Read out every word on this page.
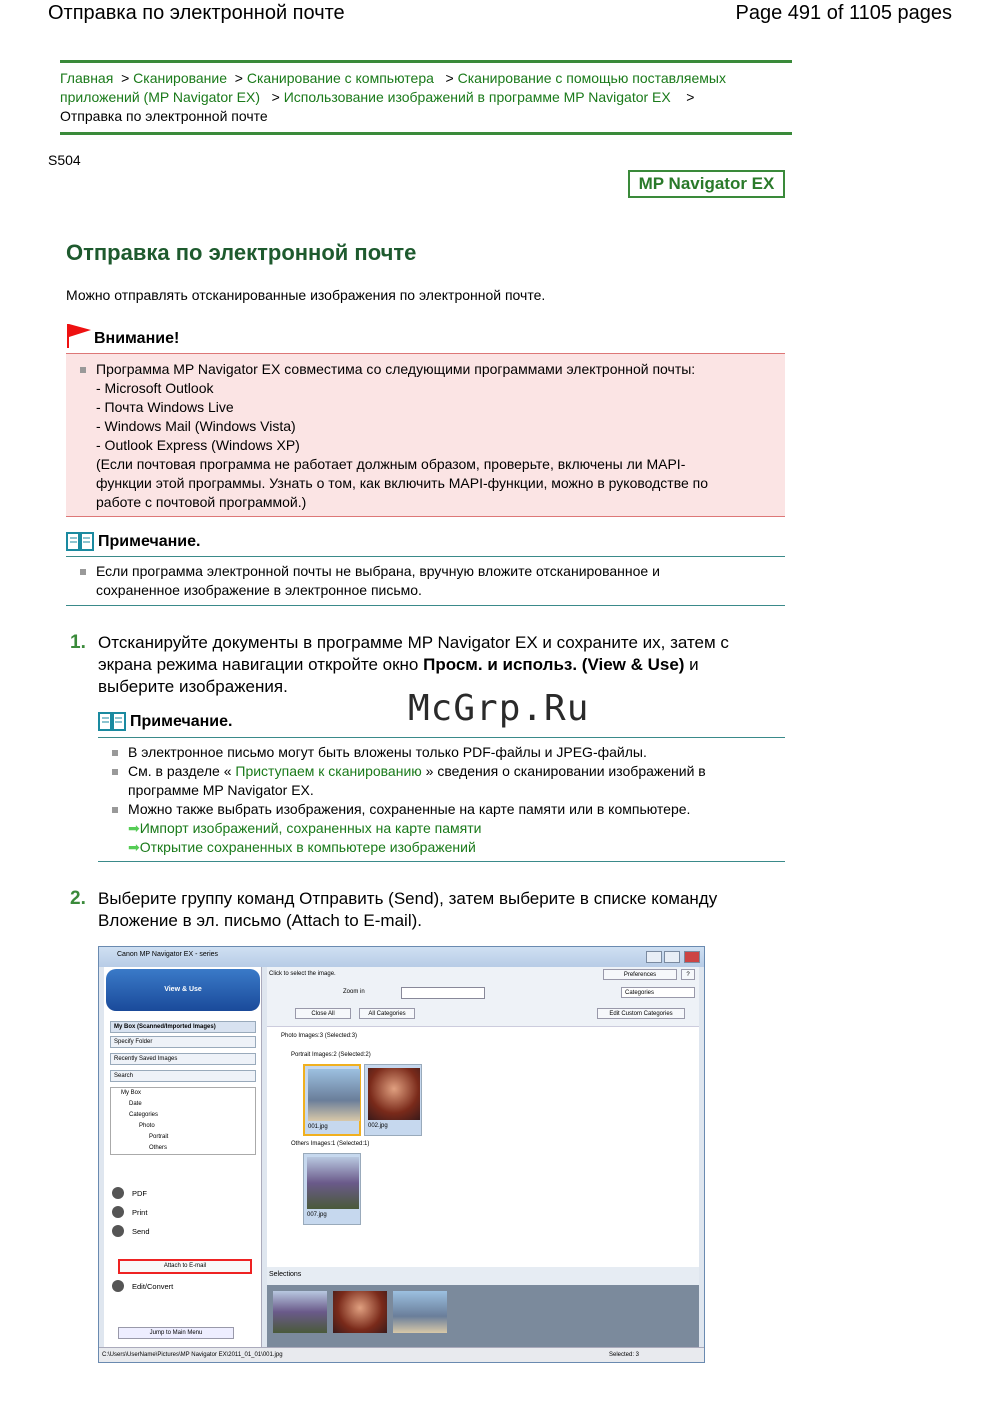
Отправка по электронной почте	Page 491 of 1105 pages
Главная  > Сканирование  > Сканирование с компьютера   > Сканирование с помощью поставляемых приложений (MP Navigator EX)   > Использование изображений в программе MP Navigator EX    >
Отправка по электронной почте
S504
MP Navigator EX
Отправка по электронной почте
Можно отправлять отсканированные изображения по электронной почте.
Внимание!
Программа MP Navigator EX совместима со следующими программами электронной почты:
- Microsoft Outlook
- Почта Windows Live
- Windows Mail (Windows Vista)
- Outlook Express (Windows XP)
(Если почтовая программа не работает должным образом, проверьте, включены ли MAPI-
функции этой программы. Узнать о том, как включить MAPI-функции, можно в руководстве по
работе с почтовой программой.)
Примечание.
Если программа электронной почты не выбрана, вручную вложите отсканированное и
сохраненное изображение в электронное письмо.
1. Отсканируйте документы в программе MP Navigator EX и сохраните их, затем с
экрана режима навигации откройте окно Просм. и использ. (View & Use) и
выберите изображения.
McGrp.Ru
Примечание.
В электронное письмо могут быть вложены только PDF-файлы и JPEG-файлы.
См. в разделе « Приступаем к сканированию » сведения о сканировании изображений в
программе MP Navigator EX.
Можно также выбрать изображения, сохраненные на карте памяти или в компьютере.
➡Импорт изображений, сохраненных на карте памяти
➡Открытие сохраненных в компьютере изображений
2. Выберите группу команд Отправить (Send), затем выберите в списке команду
Вложение в эл. письмо (Attach to E-mail).
Canon MP Navigator EX - series
View & Use
My Box (Scanned/Imported Images)
Specify Folder
Recently Saved Images
Search
My Box
Date
Categories
Photo
Portrait
Others
PDF
Print
Send
Attach to E-mail
Edit/Convert
Jump to Main Menu
Click to select the image.	Preferences	?
Zoom in	Categories
Close All	All Categories	Edit Custom Categories
Photo Images:3 (Selected:3)
Portrait Images:2 (Selected:2)
001.jpg	002.jpg
Others Images:1 (Selected:1)
007.jpg
Selections
C:\Users\UserName\Pictures\MP Navigator EX\2011_01_01\001.jpg	Selected: 3
